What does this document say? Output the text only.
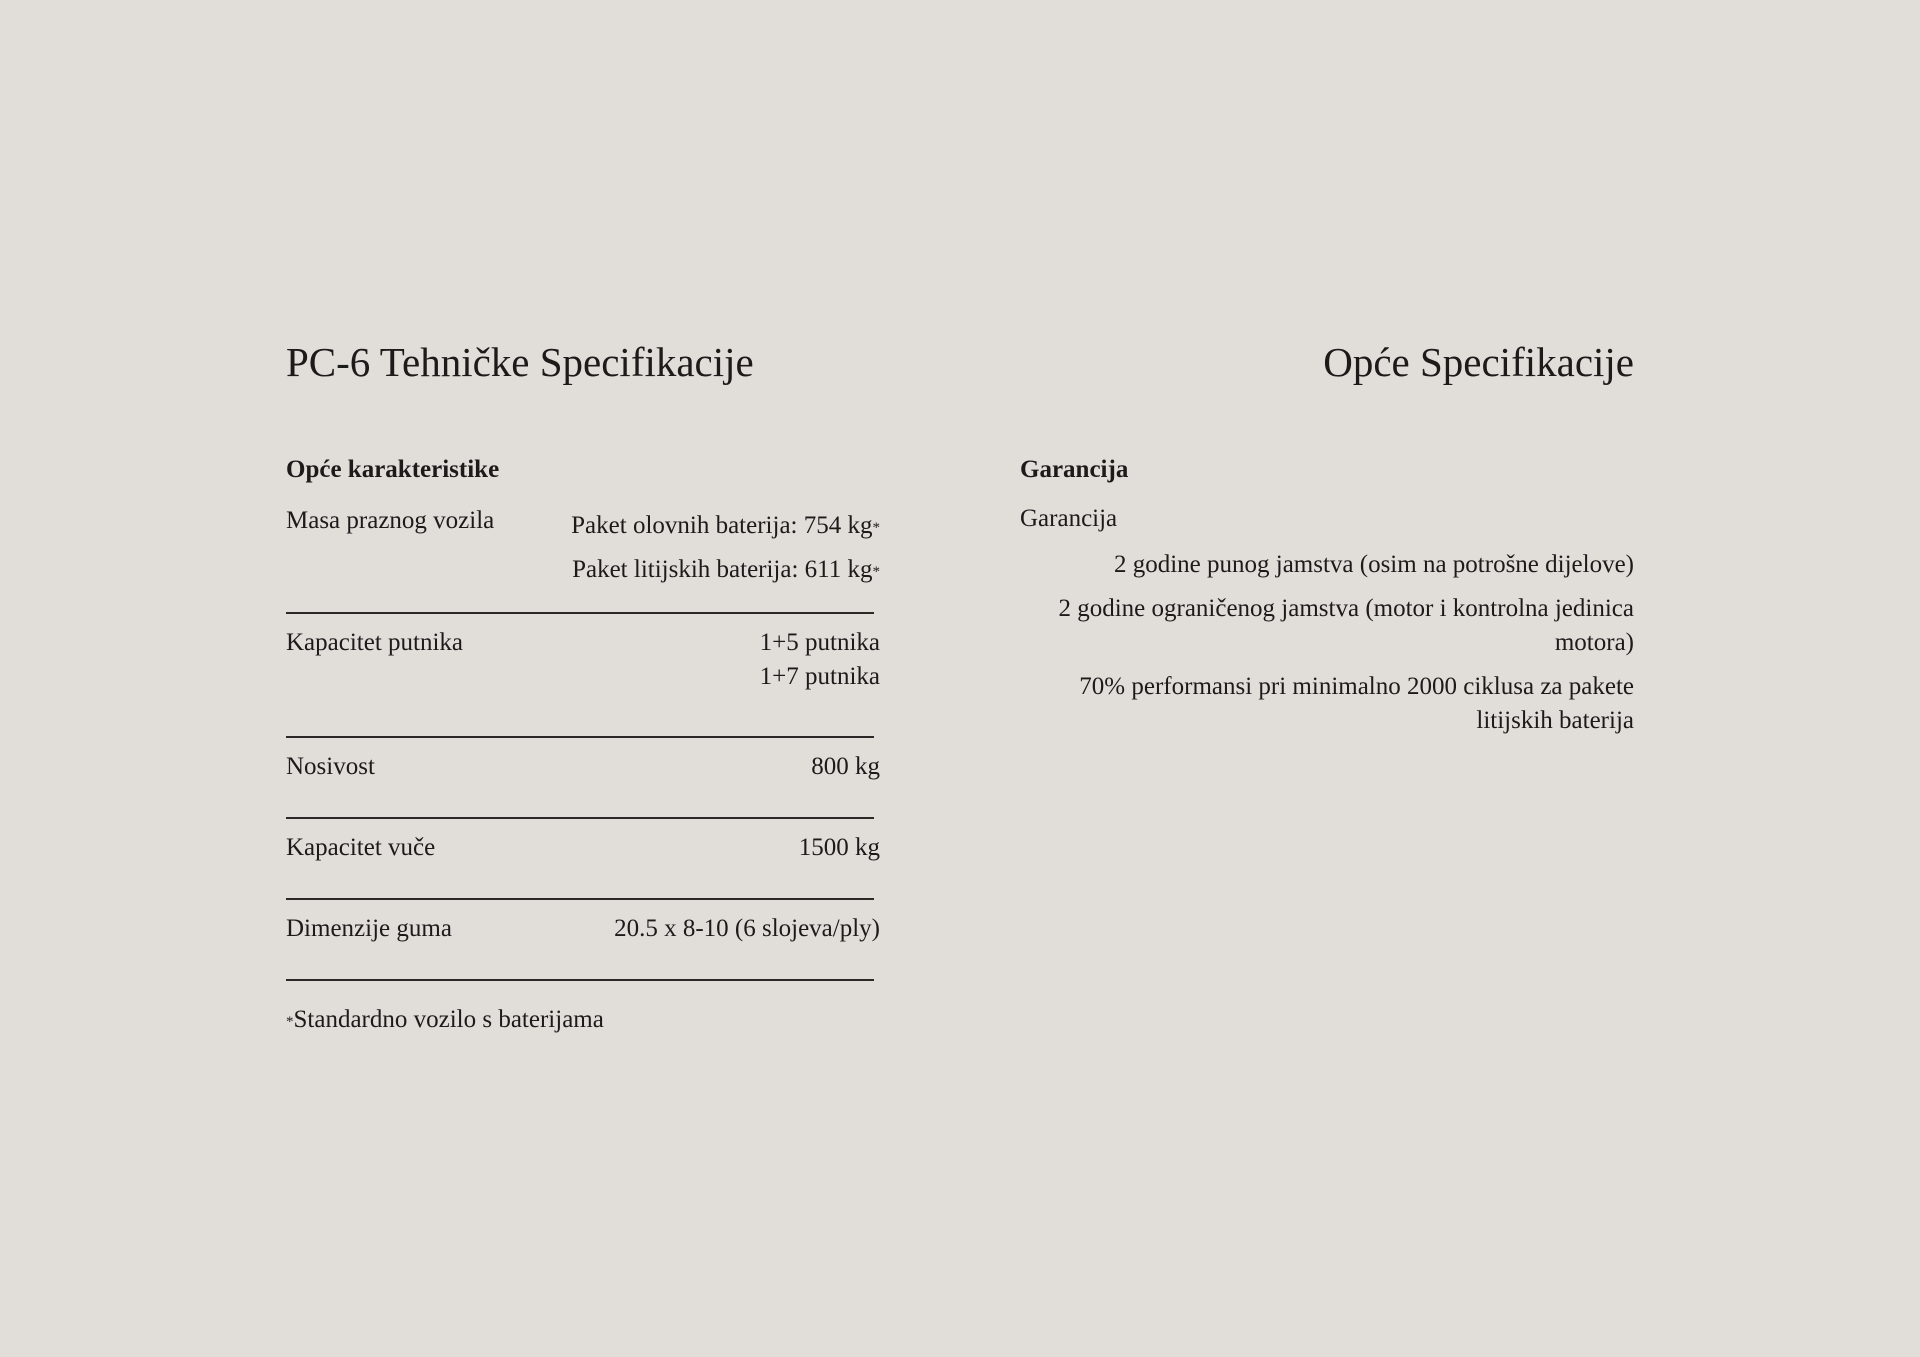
PC-6 Tehničke Specifikacije
Opće karakteristike
Masa praznog vozila	Paket olovnih baterija: 754 kg*
Paket litijskih baterija: 611 kg*
Kapacitet putnika	1+5 putnika
1+7 putnika
Nosivost	800 kg
Kapacitet vuče	1500 kg
Dimenzije guma	20.5 x 8-10 (6 slojeva/ply)
*Standardno vozilo s baterijama
Opće Specifikacije
Garancija
Garancija
2 godine punog jamstva (osim na potrošne dijelove)
2 godine ograničenog jamstva (motor i kontrolna jedinica motora)
70% performansi pri minimalno 2000 ciklusa za pakete litijskih baterija
